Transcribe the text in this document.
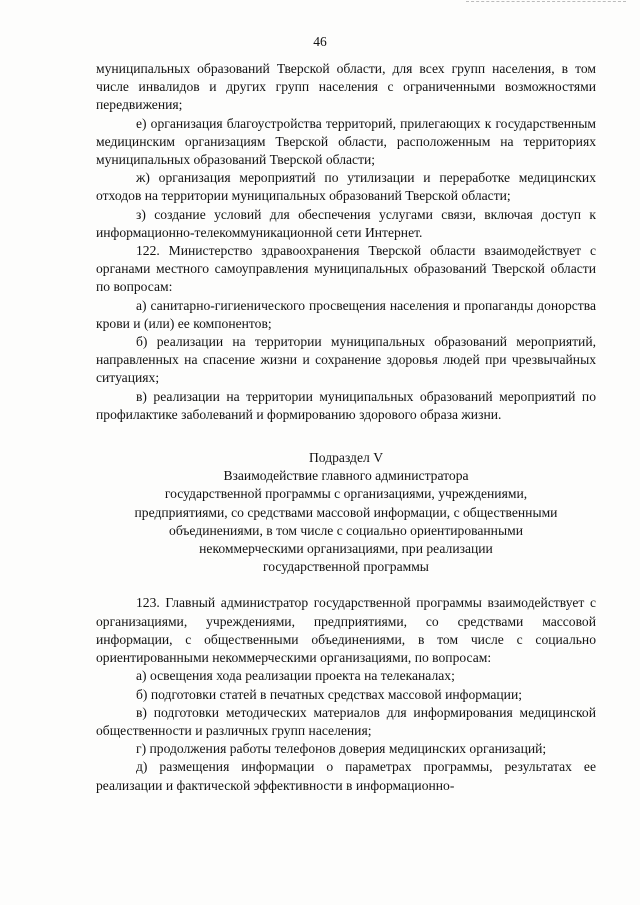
46

муниципальных образований Тверской области, для всех групп населения, в том числе инвалидов и других групп населения с ограниченными возможностями передвижения;

е) организация благоустройства территорий, прилегающих к государственным медицинским организациям Тверской области, расположенным на территориях муниципальных образований Тверской области;

ж) организация мероприятий по утилизации и переработке медицинских отходов на территории муниципальных образований Тверской области;

з) создание условий для обеспечения услугами связи, включая доступ к информационно-телекоммуникационной сети Интернет.

122. Министерство здравоохранения Тверской области взаимодействует с органами местного самоуправления муниципальных образований Тверской области по вопросам:

а) санитарно-гигиенического просвещения населения и пропаганды донорства крови и (или) ее компонентов;

б) реализации на территории муниципальных образований мероприятий, направленных на спасение жизни и сохранение здоровья людей при чрезвычайных ситуациях;

в) реализации на территории муниципальных образований мероприятий по профилактике заболеваний и формированию здорового образа жизни.

Подраздел V
Взаимодействие главного администратора
государственной программы с организациями, учреждениями,
предприятиями, со средствами массовой информации, с общественными
объединениями, в том числе с социально ориентированными
некоммерческими организациями, при реализации
государственной программы

123. Главный администратор государственной программы взаимодействует с организациями, учреждениями, предприятиями, со средствами массовой информации, с общественными объединениями, в том числе с социально ориентированными некоммерческими организациями, по вопросам:

а) освещения хода реализации проекта на телеканалах;

б) подготовки статей в печатных средствах массовой информации;

в) подготовки методических материалов для информирования медицинской общественности и различных групп населения;

г) продолжения работы телефонов доверия медицинских организаций;

д) размещения информации о параметрах программы, результатах ее реализации и фактической эффективности в информационно-
